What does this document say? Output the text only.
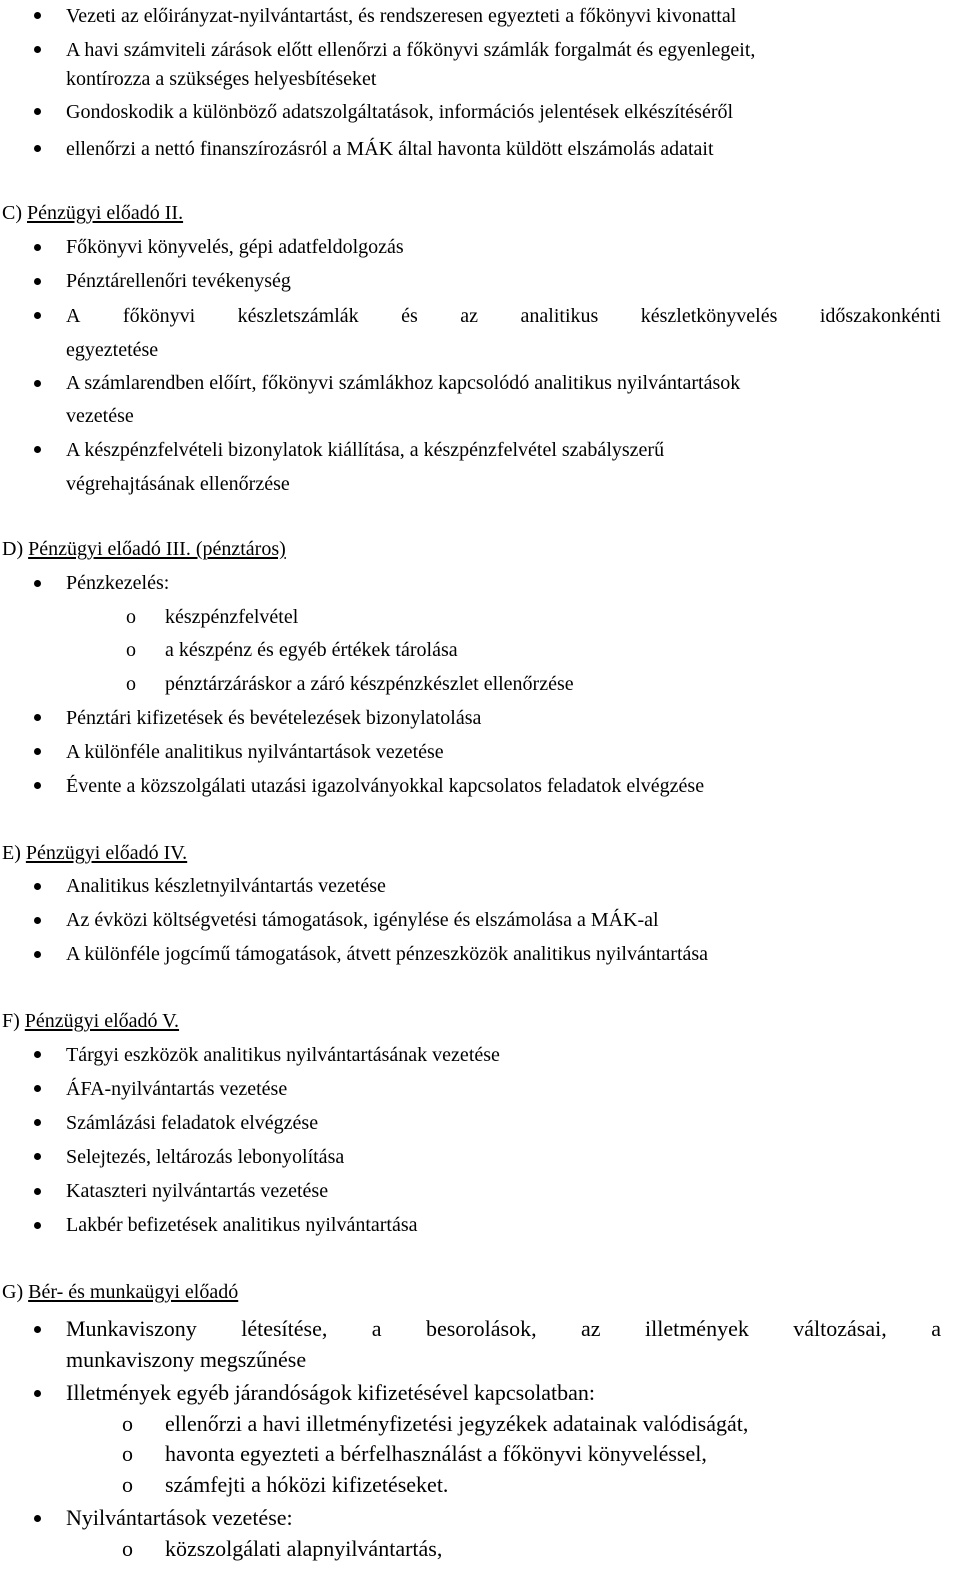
Vezeti az előirányzat-nyilvántartást, és rendszeresen egyezteti a főkönyvi kivonattal
A havi számviteli zárások előtt ellenőrzi a főkönyvi számlák forgalmát és egyenlegeit,
kontírozza a szükséges helyesbítéseket
Gondoskodik a különböző adatszolgáltatások, információs jelentések elkészítéséről
ellenőrzi a nettó finanszírozásról a MÁK által havonta küldött elszámolás adatait
C) Pénzügyi előadó II.
Főkönyvi könyvelés, gépi adatfeldolgozás
Pénztárellenőri tevékenység
A főkönyvi készletszámlák és az analitikus készletkönyvelés időszakonkénti
egyeztetése
A számlarendben előírt, főkönyvi számlákhoz kapcsolódó analitikus nyilvántartások
vezetése
A készpénzfelvételi bizonylatok kiállítása, a készpénzfelvétel szabályszerű
végrehajtásának ellenőrzése
D) Pénzügyi előadó III. (pénztáros)
Pénzkezelés:
o készpénzfelvétel
o a készpénz és egyéb értékek tárolása
o pénztárzáráskor a záró készpénzkészlet ellenőrzése
Pénztári kifizetések és bevételezések bizonylatolása
A különféle analitikus nyilvántartások vezetése
Évente a közszolgálati utazási igazolványokkal kapcsolatos feladatok elvégzése
E) Pénzügyi előadó IV.
Analitikus készletnyilvántartás vezetése
Az évközi költségvetési támogatások, igénylése és elszámolása a MÁK-al
A különféle jogcímű támogatások, átvett pénzeszközök analitikus nyilvántartása
F) Pénzügyi előadó V.
Tárgyi eszközök analitikus nyilvántartásának vezetése
ÁFA-nyilvántartás vezetése
Számlázási feladatok elvégzése
Selejtezés, leltározás lebonyolítása
Kataszteri nyilvántartás vezetése
Lakbér befizetések analitikus nyilvántartása
G) Bér- és munkaügyi előadó
Munkaviszony létesítése, a besorolások, az illetmények változásai, a
munkaviszony megszűnése
Illetmények egyéb járandóságok kifizetésével kapcsolatban:
o ellenőrzi a havi illetményfizetési jegyzékek adatainak valódiságát,
o havonta egyezteti a bérfelhasználást a főkönyvi könyveléssel,
o számfejti a hóközi kifizetéseket.
Nyilvántartások vezetése:
o közszolgálati alapnyilvántartás,
